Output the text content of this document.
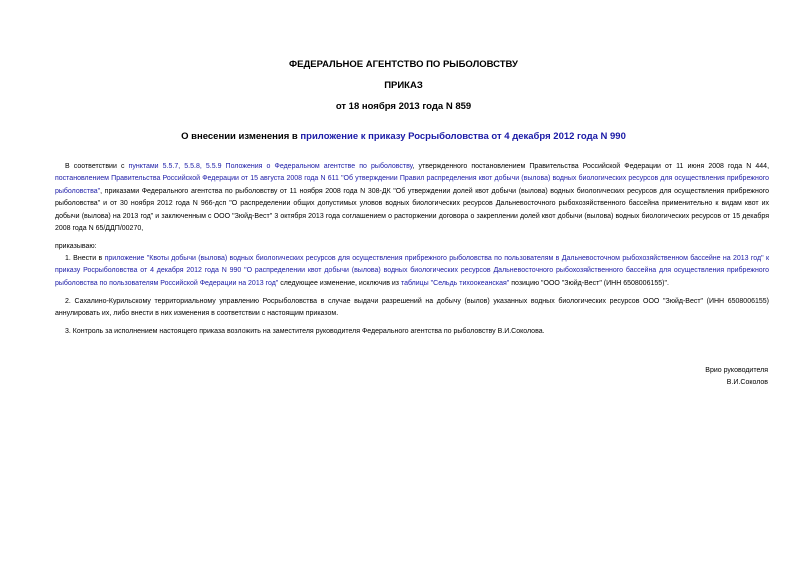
ФЕДЕРАЛЬНОЕ АГЕНТСТВО ПО РЫБОЛОВСТВУ
ПРИКАЗ
от 18 ноября 2013 года N 859
О внесении изменения в приложение к приказу Росрыболовства от 4 декабря 2012 года N 990
В соответствии с пунктами 5.5.7, 5.5.8, 5.5.9 Положения о Федеральном агентстве по рыболовству, утвержденного постановлением Правительства Российской Федерации от 11 июня 2008 года N 444, постановлением Правительства Российской Федерации от 15 августа 2008 года N 611 "Об утверждении Правил распределения квот добычи (вылова) водных биологических ресурсов для осуществления прибрежного рыболовства", приказами Федерального агентства по рыболовству от 11 ноября 2008 года N 308-ДК "Об утверждении долей квот добычи (вылова) водных биологических ресурсов для осуществления прибрежного рыболовства" и от 30 ноября 2012 года N 966-дсп "О распределении общих допустимых уловов водных биологических ресурсов Дальневосточного рыбохозяйственного бассейна применительно к видам квот их добычи (вылова) на 2013 год" и заключенным с ООО "Зюйд-Вест" 3 октября 2013 года соглашением о расторжении договора о закреплении долей квот добычи (вылова) водных биологических ресурсов от 15 декабря 2008 года N 65/ДДП/00270,
приказываю:
1. Внести в приложение "Квоты добычи (вылова) водных биологических ресурсов для осуществления прибрежного рыболовства по пользователям в Дальневосточном рыбохозяйственном бассейне на 2013 год" к приказу Росрыболовства от 4 декабря 2012 года N 990 "О распределении квот добычи (вылова) водных биологических ресурсов Дальневосточного рыбохозяйственного бассейна для осуществления прибрежного рыболовства по пользователям Российской Федерации на 2013 год" следующее изменение, исключив из таблицы "Сельдь тихоокеанская" позицию "ООО "Зюйд-Вест" (ИНН 6508006155)".
2. Сахалино-Курильскому территориальному управлению Росрыболовства в случае выдачи разрешений на добычу (вылов) указанных водных биологических ресурсов ООО "Зюйд-Вест" (ИНН 6508006155) аннулировать их, либо внести в них изменения в соответствии с настоящим приказом.
3. Контроль за исполнением настоящего приказа возложить на заместителя руководителя Федерального агентства по рыболовству В.И.Соколова.
Врио руководителя
В.И.Соколов
